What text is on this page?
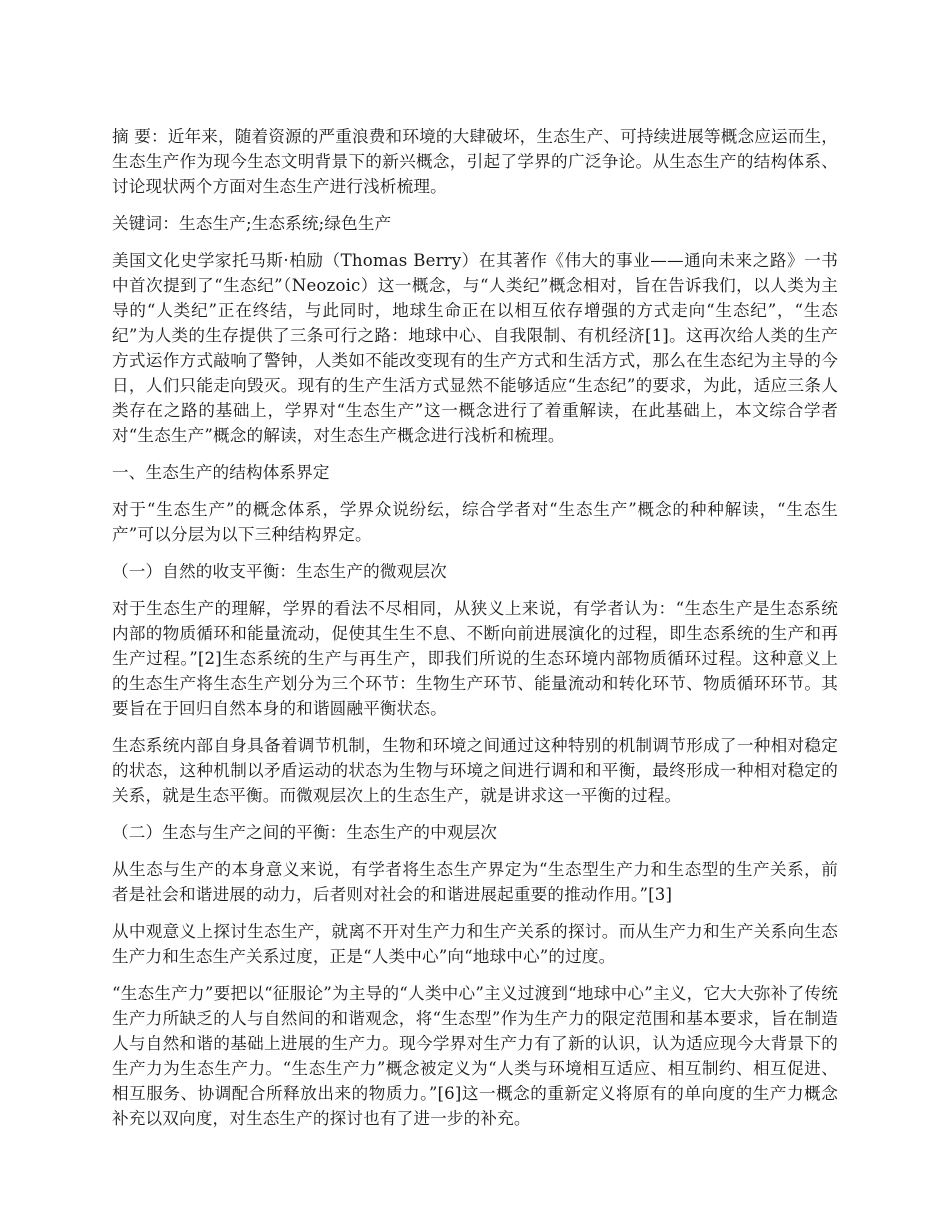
摘 要：近年来，随着资源的严重浪费和环境的大肆破坏，生态生产、可持续进展等概念应运而生，生态生产作为现今生态文明背景下的新兴概念，引起了学界的广泛争论。从生态生产的结构体系、讨论现状两个方面对生态生产进行浅析梳理。

关键词：生态生产;生态系统;绿色生产

美国文化史学家托马斯·柏励（Thomas Berry）在其著作《伟大的事业——通向未来之路》一书中首次提到了“生态纪”（Neozoic）这一概念，与“人类纪”概念相对，旨在告诉我们，以人类为主导的“人类纪”正在终结，与此同时，地球生命正在以相互依存增强的方式走向“生态纪”，“生态纪”为人类的生存提供了三条可行之路：地球中心、自我限制、有机经济[1]。这再次给人类的生产方式运作方式敲响了警钟，人类如不能改变现有的生产方式和生活方式，那么在生态纪为主导的今日，人们只能走向毁灭。现有的生产生活方式显然不能够适应“生态纪”的要求，为此，适应三条人类存在之路的基础上，学界对“生态生产”这一概念进行了着重解读，在此基础上，本文综合学者对“生态生产”概念的解读，对生态生产概念进行浅析和梳理。

一、生态生产的结构体系界定

对于“生态生产”的概念体系，学界众说纷纭，综合学者对“生态生产”概念的种种解读，“生态生产”可以分层为以下三种结构界定。

（一）自然的收支平衡：生态生产的微观层次

对于生态生产的理解，学界的看法不尽相同，从狭义上来说，有学者认为：“生态生产是生态系统内部的物质循环和能量流动，促使其生生不息、不断向前进展演化的过程，即生态系统的生产和再生产过程。”[2]生态系统的生产与再生产，即我们所说的生态环境内部物质循环过程。这种意义上的生态生产将生态生产划分为三个环节：生物生产环节、能量流动和转化环节、物质循环环节。其要旨在于回归自然本身的和谐圆融平衡状态。

生态系统内部自身具备着调节机制，生物和环境之间通过这种特别的机制调节形成了一种相对稳定的状态，这种机制以矛盾运动的状态为生物与环境之间进行调和和平衡，最终形成一种相对稳定的关系，就是生态平衡。而微观层次上的生态生产，就是讲求这一平衡的过程。

（二）生态与生产之间的平衡：生态生产的中观层次

从生态与生产的本身意义来说，有学者将生态生产界定为“生态型生产力和生态型的生产关系，前者是社会和谐进展的动力，后者则对社会的和谐进展起重要的推动作用。”[3]

从中观意义上探讨生态生产，就离不开对生产力和生产关系的探讨。而从生产力和生产关系向生态生产力和生态生产关系过度，正是“人类中心”向“地球中心”的过度。

“生态生产力”要把以“征服论”为主导的“人类中心”主义过渡到“地球中心”主义，它大大弥补了传统生产力所缺乏的人与自然间的和谐观念，将“生态型”作为生产力的限定范围和基本要求，旨在制造人与自然和谐的基础上进展的生产力。现今学界对生产力有了新的认识，认为适应现今大背景下的生产力为生态生产力。“生态生产力”概念被定义为“人类与环境相互适应、相互制约、相互促进、相互服务、协调配合所释放出来的物质力。”[6]这一概念的重新定义将原有的单向度的生产力概念补充以双向度，对生态生产的探讨也有了进一步的补充。
